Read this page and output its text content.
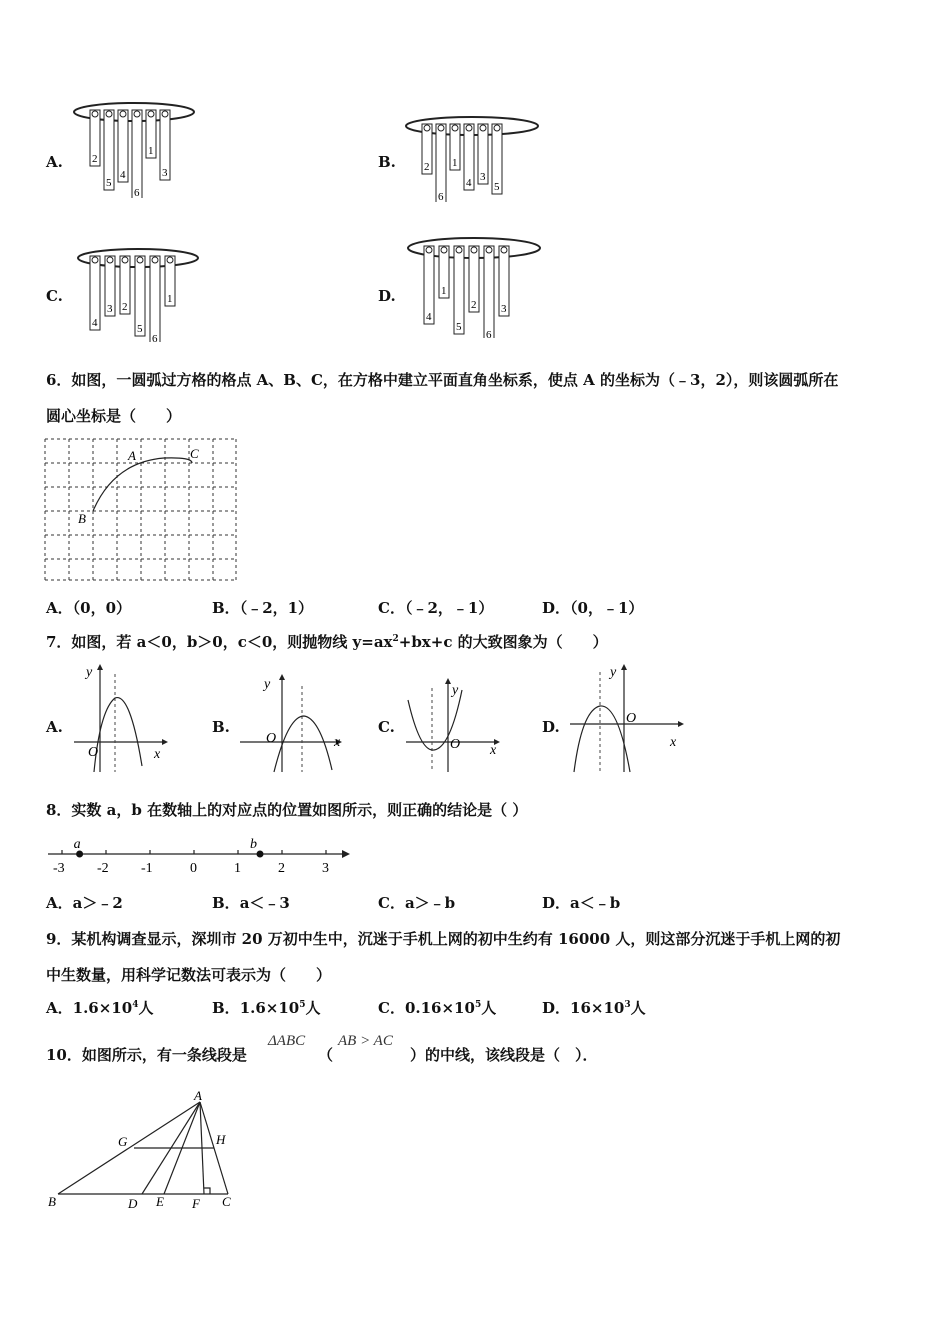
A.	B.
C.	D.
2
5
4
6
1
3	2
6
1
4 3
5
4
3 2
5
6
1
4
1
5
2
6
3
6．如图，一圆弧过方格的格点 A、B、C，在方格中建立平面直角坐标系，使点 A 的坐标为（﹣3，2），则该圆弧所在
圆心坐标是（　　）
A
B
C
A．（0，0）	B．（﹣2，1）	C．（﹣2，﹣1）	D．（0，﹣1）
7．如图，若 a＜0，b＞0，c＜0，则抛物线 $y=ax^2+bx+c$ 的大致图象为（　　）
A.	B.	C.	D.
y
O	x
y
O	x
y
O x
y
O
x
8．实数 a，b 在数轴上的对应点的位置如图所示，则正确的结论是（ ）
-3 -2 -1	0	1	2	3
a	b
A．a＞﹣2	B．a＜﹣3	C．a＞﹣b	D．a＜﹣b
9．某机构调查显示，深圳市 20 万初中生中，沉迷于手机上网的初中生约有 16000 人，则这部分沉迷于手机上网的初
中生数量，用科学记数法可表示为（　　）
A．$1.6\times 10^4$人	B．$1.6\times 10^5$人	C．$0.16\times 10^5$人	D．$16\times 10^3$人
10．如图所示，有一条线段是
ΔABC
（
AB > AC
）的中线，该线段是（　）．
A
B	C
D E F
G	H
